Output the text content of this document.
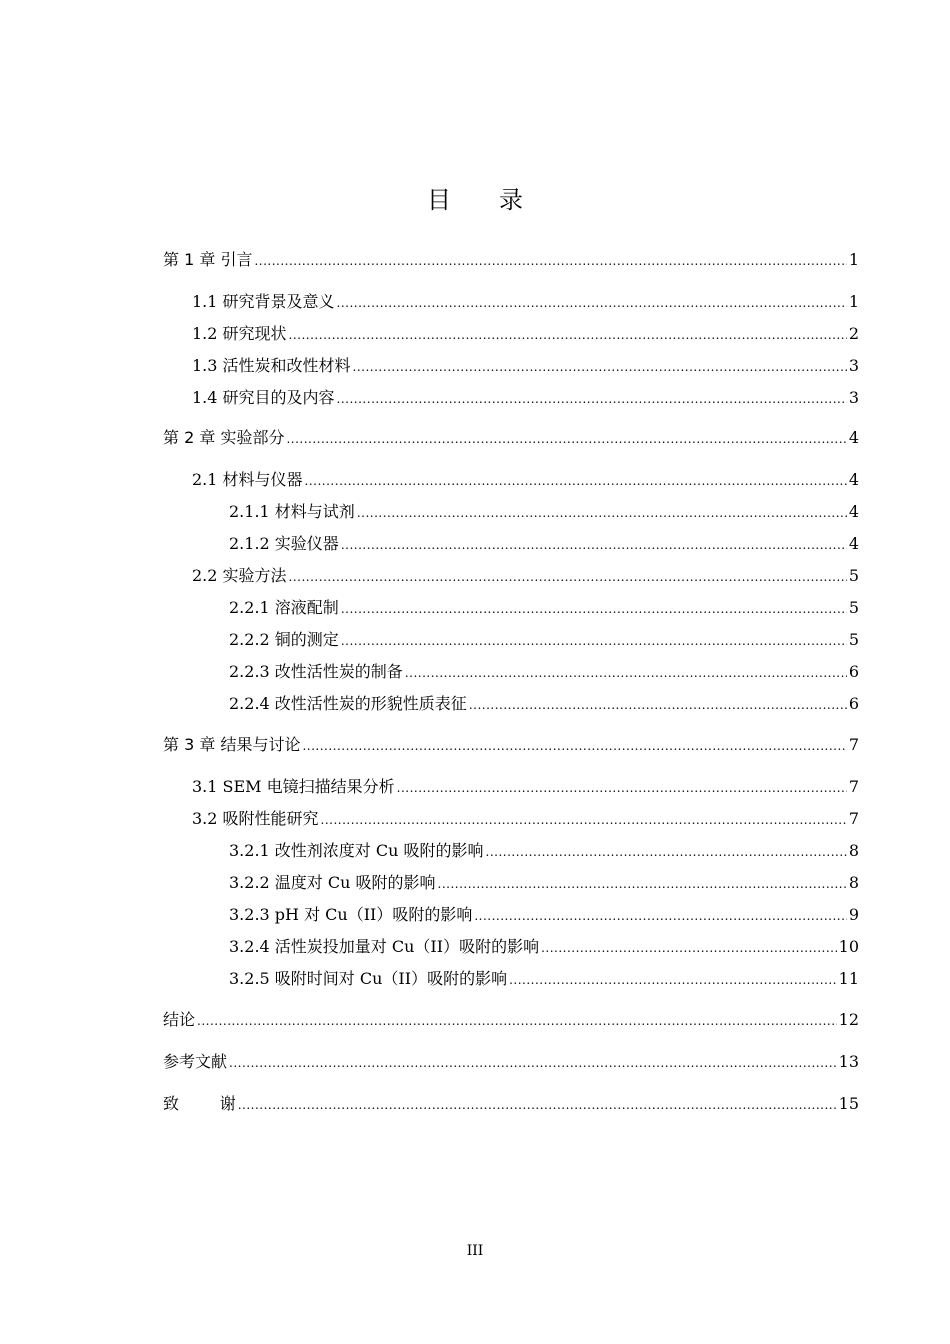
目 录
第 1 章 引言 .....	1
1.1 研究背景及意义 .....	1
1.2 研究现状 .....	2
1.3 活性炭和改性材料 .....	3
1.4 研究目的及内容 .....	3
第 2 章 实验部分 .....	4
2.1 材料与仪器 .....	4
2.1.1 材料与试剂 .....	4
2.1.2 实验仪器 .....	4
2.2 实验方法 .....	5
2.2.1 溶液配制 .....	5
2.2.2 铜的测定 .....	5
2.2.3 改性活性炭的制备 .....	6
2.2.4 改性活性炭的形貌性质表征 .....	6
第 3 章 结果与讨论 .....	7
3.1 SEM 电镜扫描结果分析 .....	7
3.2 吸附性能研究 .....	7
3.2.1 改性剂浓度对 Cu 吸附的影响 .....	8
3.2.2 温度对 Cu 吸附的影响 .....	8
3.2.3 pH 对 Cu（II）吸附的影响 .....	9
3.2.4 活性炭投加量对 Cu（II）吸附的影响 .....	10
3.2.5 吸附时间对 Cu（II）吸附的影响 .....	11
结论 .....	12
参考文献 .....	13
致        谢 .....	15
III
